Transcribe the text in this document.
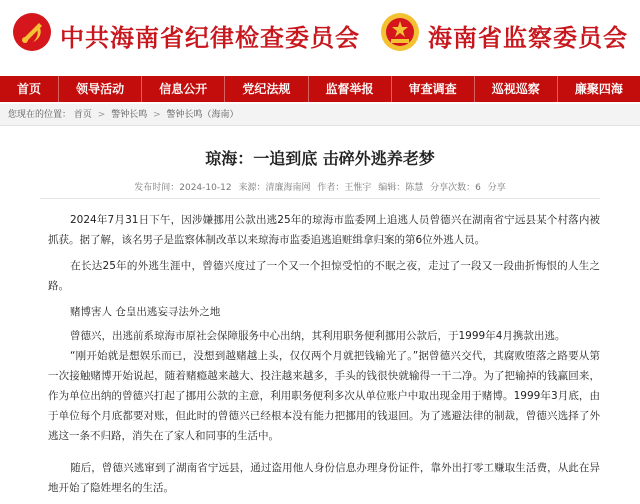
中共海南省纪律检查委员会	海南省监察委员会
首页	领导活动	信息公开	党纪法规	监督举报	审查调查	巡视巡察	廉聚四海
您现在的位置： 首页 > 警钟长鸣 > 警钟长鸣（海南）
琼海：一追到底 击碎外逃养老梦
发布时间：2024-10-12 来源：清廉海南网 作者：王惟宇 编辑：陈慧 分享次数：6 分享
2024年7月31日下午，因涉嫌挪用公款出逃25年的琼海市监委网上追逃人员曾德兴在湖南省宁远县某个村落内被抓获。据了解，该名男子是监察体制改革以来琼海市监委追逃追赃缉拿归案的第6位外逃人员。
在长达25年的外逃生涯中，曾德兴度过了一个又一个担惊受怕的不眠之夜，走过了一段又一段曲折悔恨的人生之路。
赌博害人 仓皇出逃妄寻法外之地
曾德兴，出逃前系琼海市原社会保障服务中心出纳，其利用职务便利挪用公款后，于1999年4月携款出逃。
“刚开始就是想娱乐而已，没想到越赌越上头，仅仅两个月就把钱输光了。”据曾德兴交代，其腐败堕落之路要从第一次接触赌博开始说起，随着赌瘾越来越大、投注越来越多，手头的钱很快就输得一干二净。为了把输掉的钱赢回来，作为单位出纳的曾德兴打起了挪用公款的主意，利用职务便利多次从单位账户中取出现金用于赌博。1999年3月底，由于单位每个月底都要对账，但此时的曾德兴已经根本没有能力把挪用的钱退回。为了逃避法律的制裁，曾德兴选择了外逃这一条不归路，消失在了家人和同事的生活中。
随后，曾德兴逃窜到了湖南省宁远县，通过盗用他人身份信息办理身份证件，靠外出打零工赚取生活费，从此在异地开始了隐姓埋名的生活。
